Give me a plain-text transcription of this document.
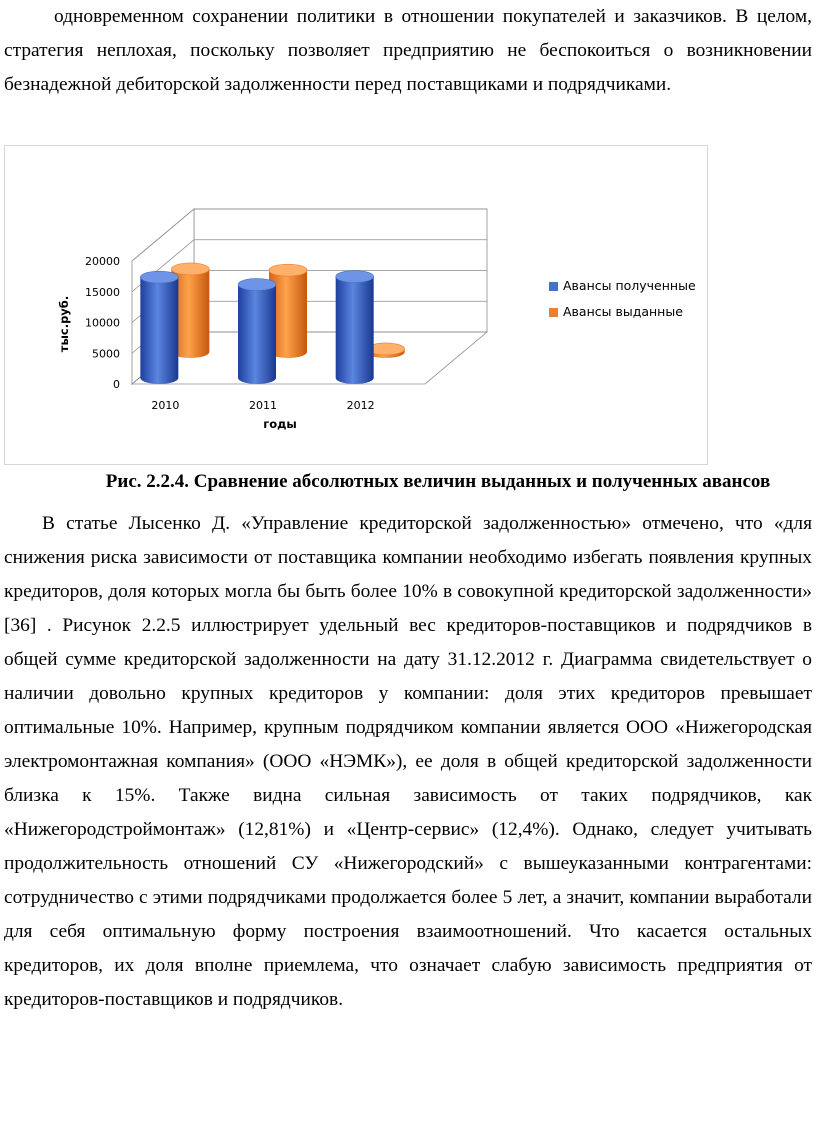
одновременном сохранении политики в отношении покупателей и заказчиков. В целом, стратегия неплохая, поскольку позволяет предприятию не беспокоиться о возникновении безнадежной дебиторской задолженности перед поставщиками и подрядчиками.

0
5000
10000
15000
20000
2010	2011	2012
годы
тыс.руб.
Авансы полученные
Авансы выданные
Рис. 2.2.4. Сравнение абсолютных величин выданных и полученных авансов

В статье Лысенко Д. «Управление кредиторской задолженностью» отмечено, что «для снижения риска зависимости от поставщика компании необходимо избегать появления крупных кредиторов, доля которых могла бы быть более 10% в совокупной кредиторской задолженности» [36] . Рисунок 2.2.5 иллюстрирует удельный вес кредиторов-поставщиков и подрядчиков в общей сумме кредиторской задолженности на дату 31.12.2012 г. Диаграмма свидетельствует о наличии довольно крупных кредиторов у компании: доля этих кредиторов превышает оптимальные 10%. Например, крупным подрядчиком компании является ООО «Нижегородская электромонтажная компания» (ООО «НЭМК»), ее доля в общей кредиторской задолженности близка к 15%. Также видна сильная зависимость от таких подрядчиков, как «Нижегородстроймонтаж» (12,81%) и «Центр-сервис» (12,4%). Однако, следует учитывать продолжительность отношений СУ «Нижегородский» с вышеуказанными контрагентами: сотрудничество с этими подрядчиками продолжается более 5 лет, а значит, компании выработали для себя оптимальную форму построения взаимоотношений. Что касается остальных кредиторов, их доля вполне приемлема, что означает слабую зависимость предприятия от кредиторов-поставщиков и подрядчиков.
